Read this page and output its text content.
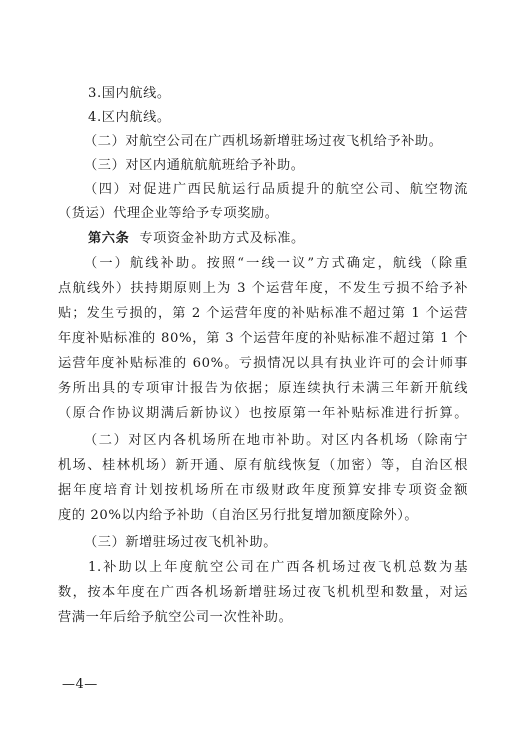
3.国内航线。
4.区内航线。
（二）对航空公司在广西机场新增驻场过夜飞机给予补助。
（三）对区内通航航航班给予补助。
（四）对促进广西民航运行品质提升的航空公司、航空物流
（货运）代理企业等给予专项奖励。
第六条 专项资金补助方式及标准。
（一）航线补助。按照“一线一议”方式确定，航线（除重
点航线外）扶持期原则上为 3 个运营年度，不发生亏损不给予补
贴；发生亏损的，第 2 个运营年度的补贴标准不超过第 1 个运营
年度补贴标准的 80%，第 3 个运营年度的补贴标准不超过第 1 个
运营年度补贴标准的 60%。亏损情况以具有执业许可的会计师事
务所出具的专项审计报告为依据；原连续执行未满三年新开航线
（原合作协议期满后新协议）也按原第一年补贴标准进行折算。
（二）对区内各机场所在地市补助。对区内各机场（除南宁
机场、桂林机场）新开通、原有航线恢复（加密）等，自治区根
据年度培育计划按机场所在市级财政年度预算安排专项资金额
度的 20%以内给予补助（自治区另行批复增加额度除外）。
（三）新增驻场过夜飞机补助。
1.补助以上年度航空公司在广西各机场过夜飞机总数为基
数，按本年度在广西各机场新增驻场过夜飞机机型和数量，对运
营满一年后给予航空公司一次性补助。
—4—
